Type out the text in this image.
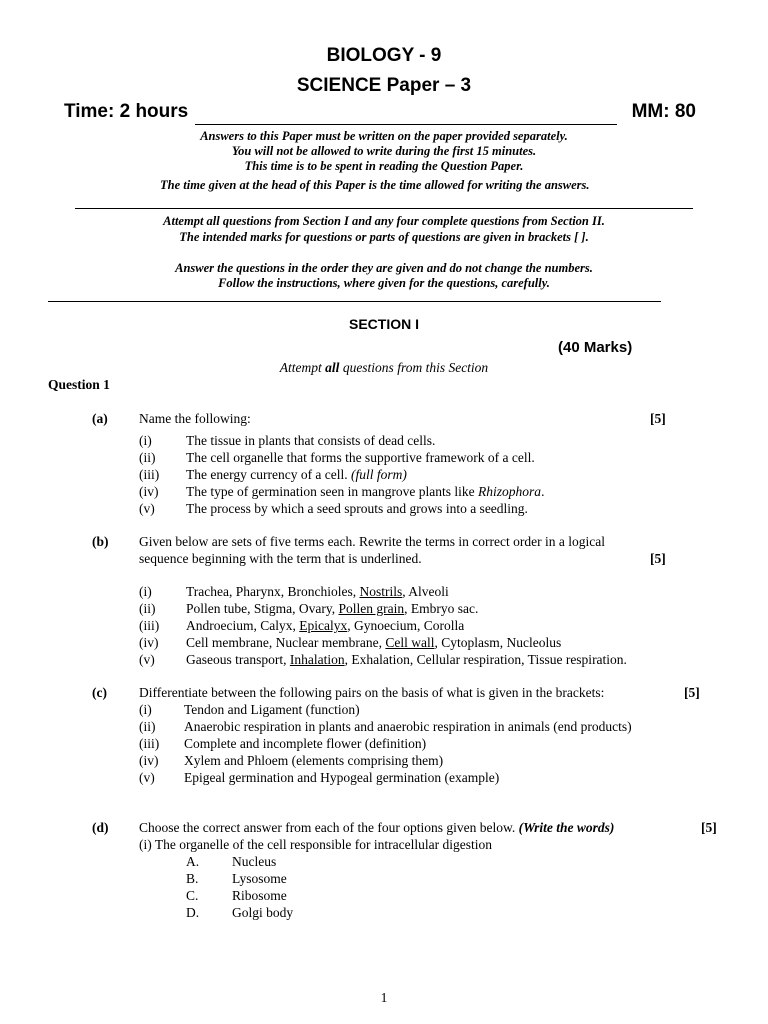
BIOLOGY - 9
SCIENCE Paper – 3
Time: 2 hours	MM: 80
Answers to this Paper must be written on the paper provided separately.
You will not be allowed to write during the first 15 minutes.
This time is to be spent in reading the Question Paper.
The time given at the head of this Paper is the time allowed for writing the answers.
Attempt all questions from Section I and any four complete questions from Section II.
The intended marks for questions or parts of questions are given in brackets [ ].
Answer the questions in the order they are given and do not change the numbers.
Follow the instructions, where given for the questions, carefully.
SECTION I
(40 Marks)
Attempt all questions from this Section
Question 1
(a) Name the following:	[5]
(i)	The tissue in plants that consists of dead cells.
(ii) The cell organelle that forms the supportive framework of a cell.
(iii) The energy currency of a cell. (full form)
(iv) The type of germination seen in mangrove plants like Rhizophora.
(v) The process by which a seed sprouts and grows into a seedling.
(b) Given below are sets of five terms each. Rewrite the terms in correct order in a logical
sequence beginning with the term that is underlined.	[5]
(i)	Trachea, Pharynx, Bronchioles, Nostrils, Alveoli
(ii) Pollen tube, Stigma, Ovary, Pollen grain, Embryo sac.
(iii) Androecium, Calyx, Epicalyx, Gynoecium, Corolla
(iv) Cell membrane, Nuclear membrane, Cell wall, Cytoplasm, Nucleolus
(v) Gaseous transport, Inhalation, Exhalation, Cellular respiration, Tissue respiration.
(c) Differentiate between the following pairs on the basis of what is given in the brackets:	[5]
(i) Tendon and Ligament (function)
(ii) Anaerobic respiration in plants and anaerobic respiration in animals (end products)
(iii) Complete and incomplete flower (definition)
(iv) Xylem and Phloem (elements comprising them)
(v) Epigeal germination and Hypogeal germination (example)
(d) Choose the correct answer from each of the four options given below. (Write the words)	[5]
(i) The organelle of the cell responsible for intracellular digestion
A. Nucleus
B. Lysosome
C. Ribosome
D. Golgi body
1
